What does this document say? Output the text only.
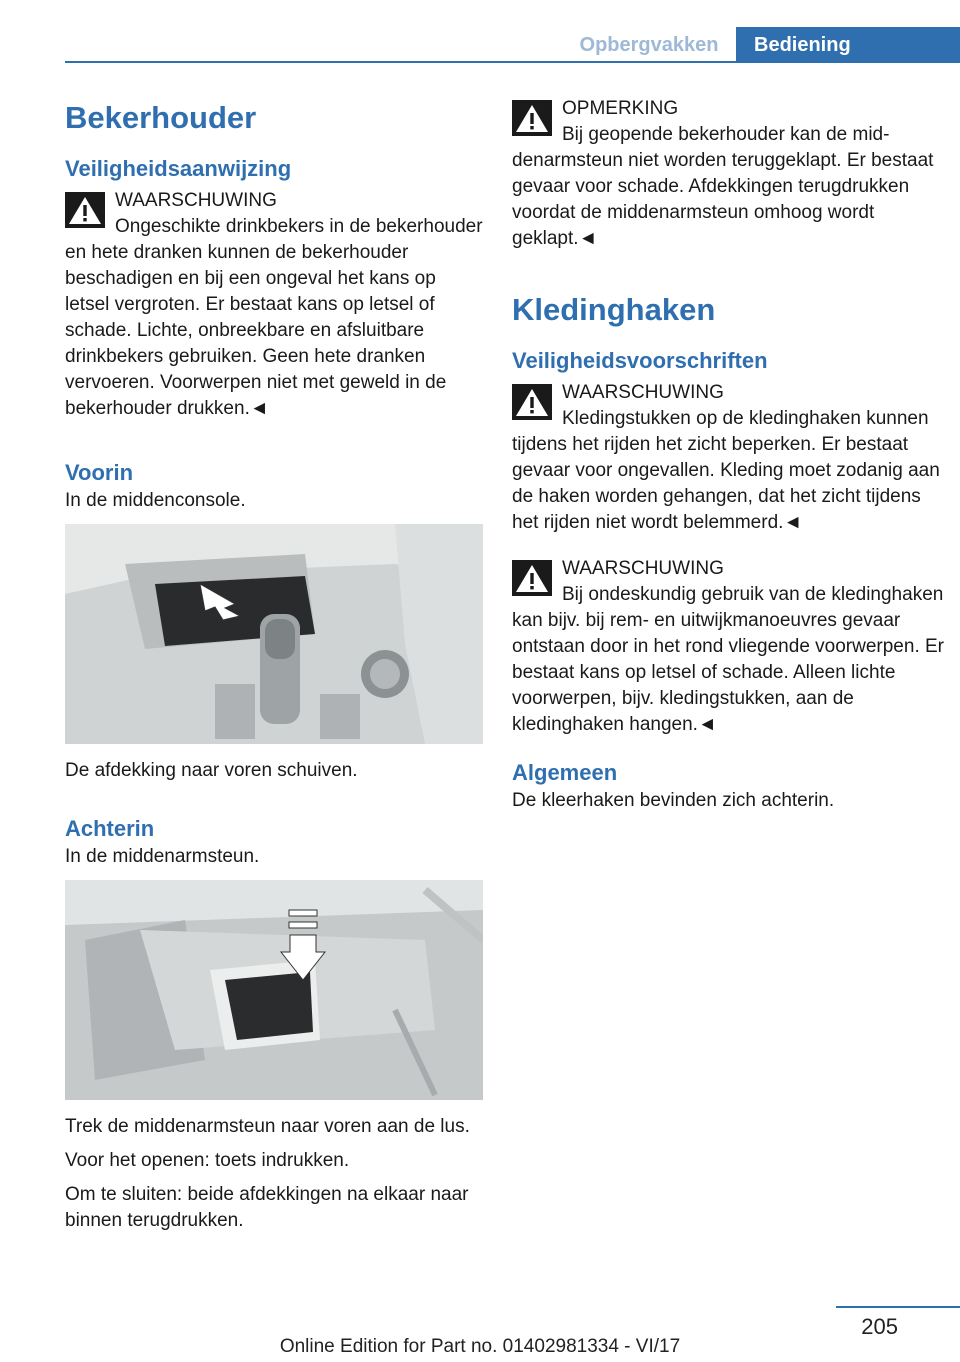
Opbergvakken	Bediening
Bekerhouder
Veiligheidsaanwijzing
WAARSCHUWING
Ongeschikte drinkbekers in de bekerhouder en hete dranken kunnen de bekerhouder beschadigen en bij een ongeval het kans op letsel vergroten. Er bestaat kans op letsel of schade. Lichte, onbreekbare en afsluitbare drinkbekers gebruiken. Geen hete dranken vervoeren. Voorwerpen niet met geweld in de bekerhouder drukken.◄
Voorin

In de middenconsole.

De afdekking naar voren schuiven.

Achterin

In de middenarmsteun.

Trek de middenarmsteun naar voren aan de lus.

Voor het openen: toets indrukken.

Om te sluiten: beide afdekkingen na elkaar naar binnen terugdrukken.

OPMERKING
Bij geopende bekerhouder kan de middenarmsteun niet worden teruggeklapt. Er bestaat gevaar voor schade. Afdekkingen terugdrukken voordat de middenarmsteun omhoog wordt geklapt.◄
Kledinghaken
Veiligheidsvoorschriften
WAARSCHUWING
Kledingstukken op de kledinghaken kunnen tijdens het rijden het zicht beperken. Er bestaat gevaar voor ongevallen. Kleding moet zodanig aan de haken worden gehangen, dat het zicht tijdens het rijden niet wordt belemmerd.◄
WAARSCHUWING
Bij ondeskundig gebruik van de kledinghaken kan bijv. bij rem- en uitwijkmanoeuvres gevaar ontstaan door in het rond vliegende voorwerpen. Er bestaat kans op letsel of schade. Alleen lichte voorwerpen, bijv. kledingstukken, aan de kledinghaken hangen.◄
Algemeen

De kleerhaken bevinden zich achterin.

205
Online Edition for Part no. 01402981334 - VI/17
